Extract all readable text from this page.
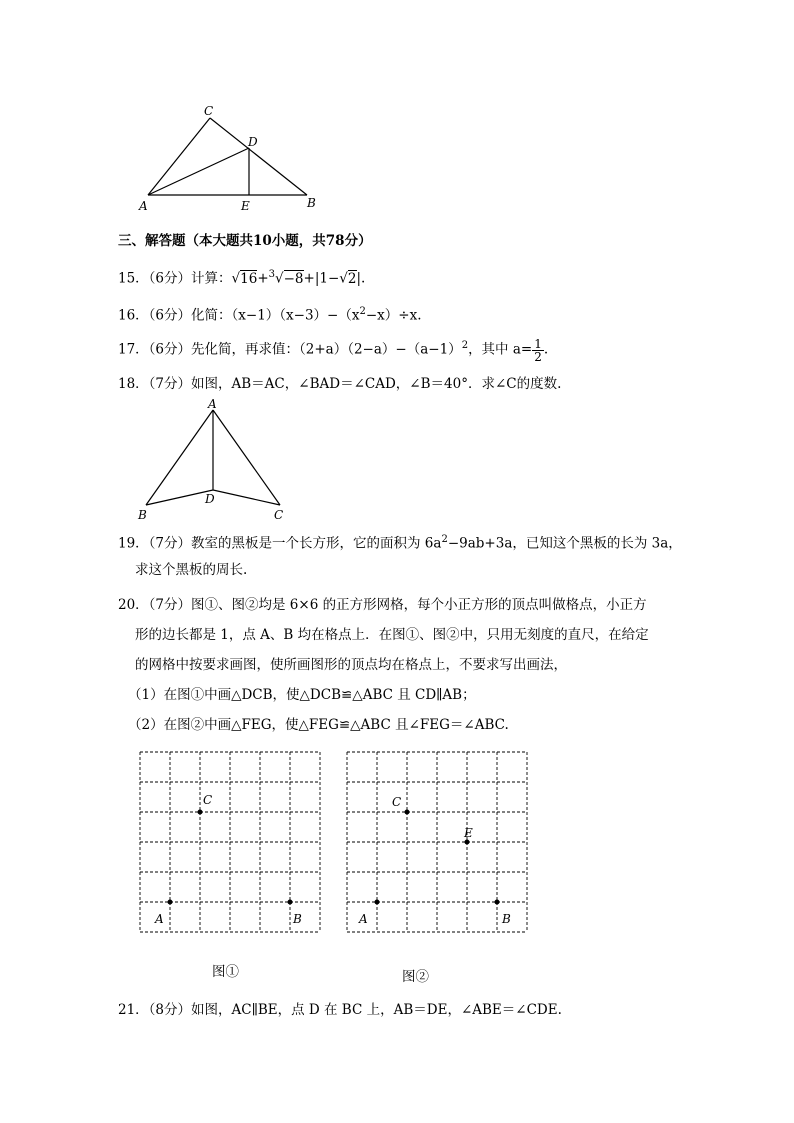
C
D
A	E	B
三、解答题（本大题共10小题，共78分）
15．（6分）计算：√16+$^3$√−8+|1−√2|.
16．（6分）化简：$(x-1)(x-3)-(x^2-x)\div x$.
17．（6分）先化简，再求值：$(2+a)(2-a)-(a-1)^2$，其中 $a= \frac{1}{2}$ .
18．（7分）如图，AB＝AC，∠BAD＝∠CAD，∠B＝40°．求∠C的度数.
A
D
B	C
19．（7分）教室的黑板是一个长方形，它的面积为 $6a^2-9ab+3a$，已知这个黑板的长为 3a，
求这个黑板的周长.
20．（7分）图①、图②均是 6×6 的正方形网格，每个小正方形的顶点叫做格点，小正方
形的边长都是 1，点 A、B 均在格点上．在图①、图②中，只用无刻度的直尺，在给定
的网格中按要求画图，使所画图形的顶点均在格点上，不要求写出画法，
（1）在图①中画△DCB，使△DCB≌△ABC 且 CD∥AB；
（2）在图②中画△FEG，使△FEG≌△ABC 且∠FEG＝∠ABC.
C
A	B
图①
C
E
A	B
图②
21．（8分）如图，AC∥BE，点 D 在 BC 上，AB＝DE，∠ABE＝∠CDE.
